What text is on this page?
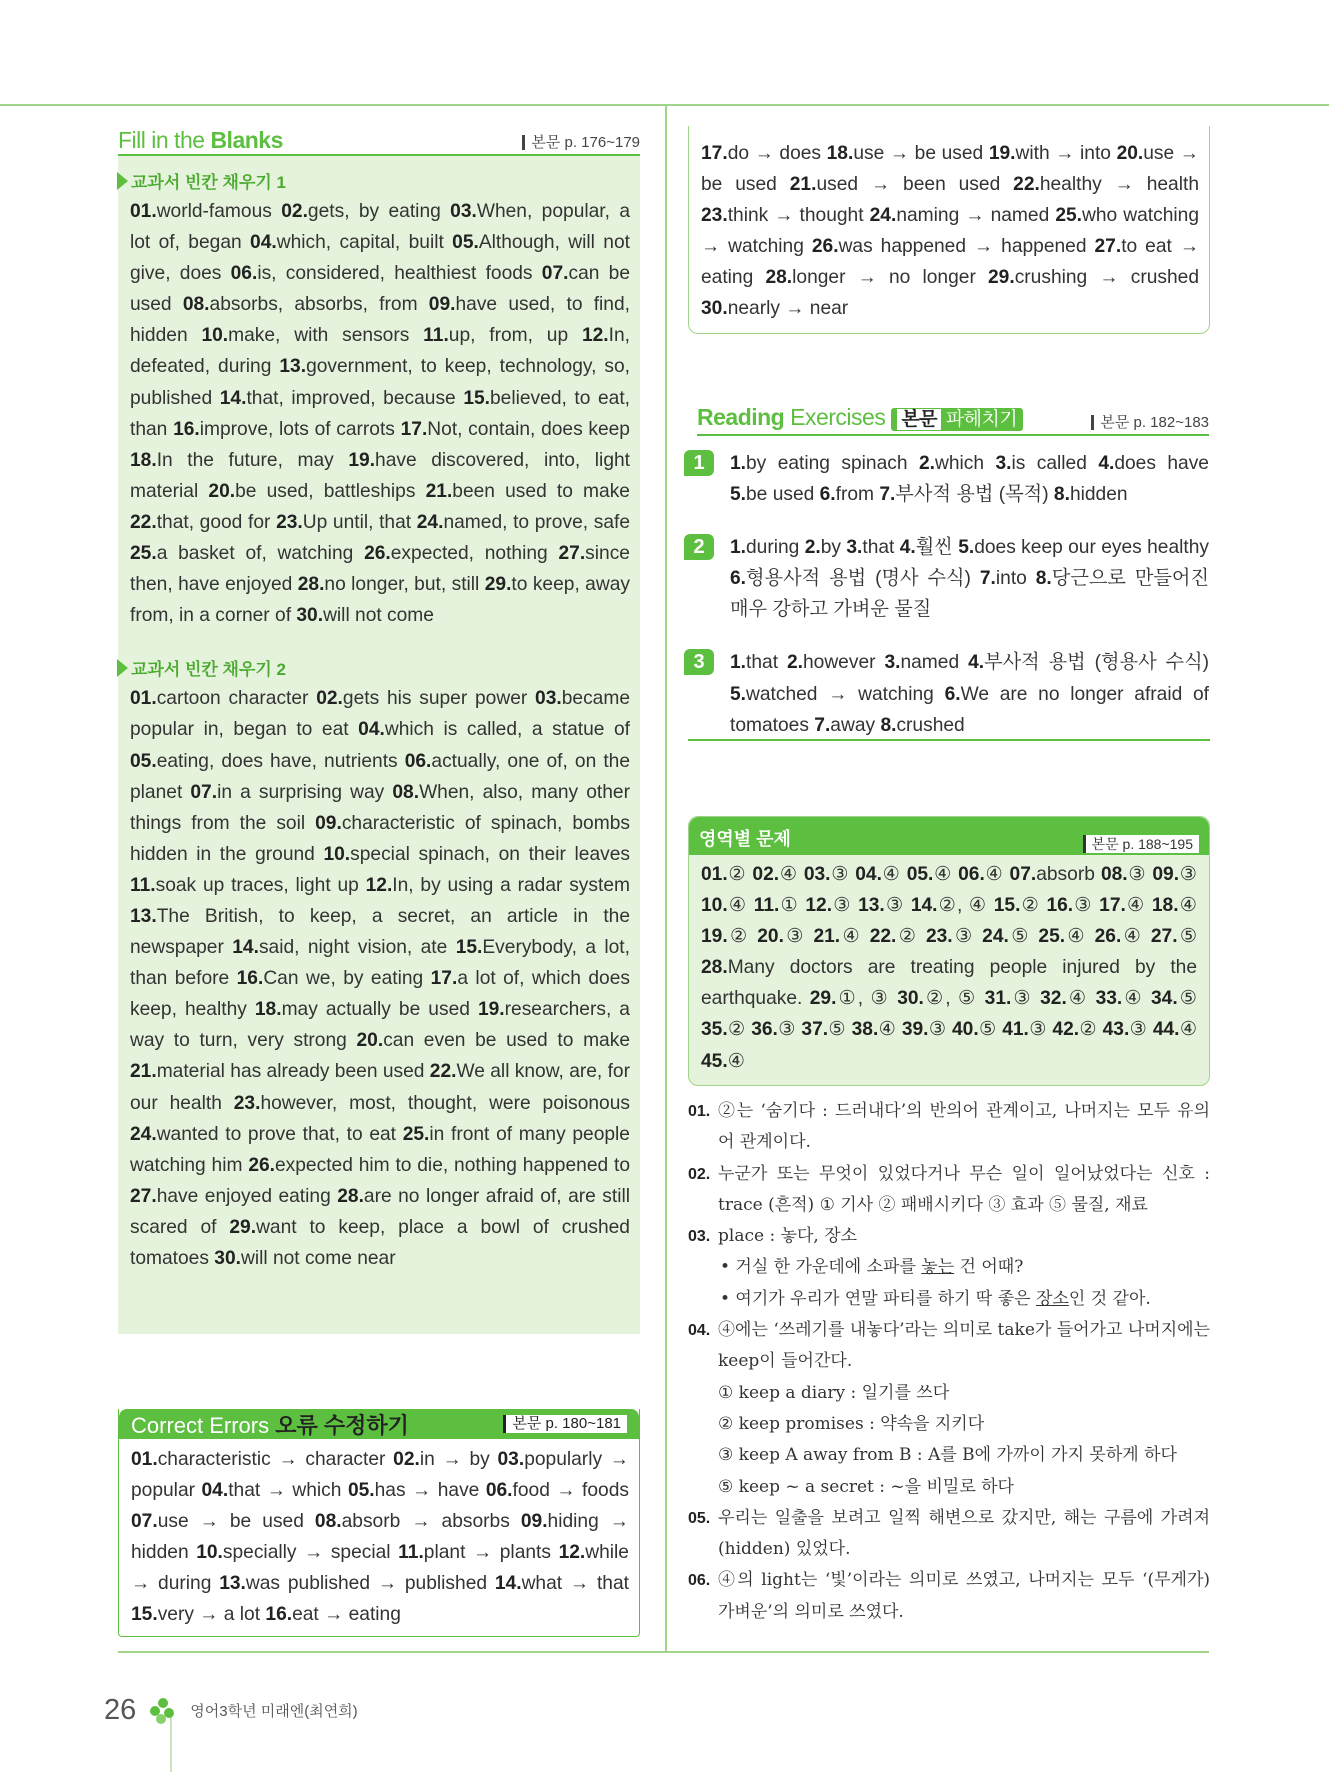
Fill in the Blanks	본문 p. 176~179
교과서 빈칸 채우기 1
01.world-famous 02.gets, by eating 03.When, popular, a lot of, began 04.which, capital, built 05.Although, will not give, does 06.is, considered, healthiest foods 07.can be used 08.absorbs, absorbs, from 09.have used, to find, hidden 10.make, with sensors 11.up, from, up 12.In, defeated, during 13.government, to keep, technology, so, published 14.that, improved, because 15.believed, to eat, than 16.improve, lots of carrots 17.Not, contain, does keep 18.In the future, may 19.have discovered, into, light material 20.be used, battleships 21.been used to make 22.that, good for 23.Up until, that 24.named, to prove, safe 25.a basket of, watching 26.expected, nothing 27.since then, have enjoyed 28.no longer, but, still 29.to keep, away from, in a corner of 30.will not come
교과서 빈칸 채우기 2
01.cartoon character 02.gets his super power 03.became popular in, began to eat 04.which is called, a statue of 05.eating, does have, nutrients 06.actually, one of, on the planet 07.in a surprising way 08.When, also, many other things from the soil 09.characteristic of spinach, bombs hidden in the ground 10.special spinach, on their leaves 11.soak up traces, light up 12.In, by using a radar system 13.The British, to keep, a secret, an article in the newspaper 14.said, night vision, ate 15.Everybody, a lot, than before 16.Can we, by eating 17.a lot of, which does keep, healthy 18.may actually be used 19.researchers, a way to turn, very strong 20.can even be used to make 21.material has already been used 22.We all know, are, for our health 23.however, most, thought, were poisonous 24.wanted to prove that, to eat 25.in front of many people watching him 26.expected him to die, nothing happened to 27.have enjoyed eating 28.are no longer afraid of, are still scared of 29.want to keep, place a bowl of crushed tomatoes 30.will not come near
Correct Errors 오류 수정하기	본문 p. 180~181
01.characteristic → character 02.in → by 03.popularly → popular 04.that → which 05.has → have 06.food → foods 07.use → be used 08.absorb → absorbs 09.hiding → hidden 10.specially → special 11.plant → plants 12.while → during 13.was published → published 14.what → that 15.very → a lot 16.eat → eating
17.do → does 18.use → be used 19.with → into 20.use → be used 21.used → been used 22.healthy → health 23.think → thought 24.naming → named 25.who watching → watching 26.was happened → happened 27.to eat → eating 28.longer → no longer 29.crushing → crushed 30.nearly → near
Reading Exercises 본문 파헤치기	본문 p. 182~183
1	1.by eating spinach 2.which 3.is called 4.does have 5.be used 6.from 7.부사적 용법 (목적) 8.hidden
2	1.during 2.by 3.that 4.훨씬 5.does keep our eyes healthy 6.형용사적 용법 (명사 수식) 7.into 8.당근으로 만들어진 매우 강하고 가벼운 물질
3	1.that 2.however 3.named 4.부사적 용법 (형용사 수식) 5.watched → watching 6.We are no longer afraid of tomatoes 7.away 8.crushed
영역별 문제	본문 p. 188~195
01.② 02.④ 03.③ 04.④ 05.④ 06.④ 07.absorb 08.③ 09.③ 10.④ 11.① 12.③ 13.③ 14.②, ④ 15.② 16.③ 17.④ 18.④ 19.② 20.③ 21.④ 22.② 23.③ 24.⑤ 25.④ 26.④ 27.⑤ 28.Many doctors are treating people injured by the earthquake. 29.①, ③ 30.②, ⑤ 31.③ 32.④ 33.④ 34.⑤ 35.② 36.③ 37.⑤ 38.④ 39.③ 40.⑤ 41.③ 42.② 43.③ 44.④ 45.④
01. ②는 ‘숨기다 : 드러내다’의 반의어 관계이고, 나머지는 모두 유의어 관계이다.
02. 누군가 또는 무엇이 있었다거나 무슨 일이 일어났었다는 신호 : trace (흔적) ① 기사 ② 패배시키다 ③ 효과 ⑤ 물질, 재료
03. place : 놓다, 장소
• 거실 한 가운데에 소파를 놓는 건 어때?
• 여기가 우리가 연말 파티를 하기 딱 좋은 장소인 것 같아.
04. ④에는 ‘쓰레기를 내놓다’라는 의미로 take가 들어가고 나머지에는 keep이 들어간다.
① keep a diary : 일기를 쓰다
② keep promises : 약속을 지키다
③ keep A away from B : A를 B에 가까이 가지 못하게 하다
⑤ keep ~ a secret : ~을 비밀로 하다
05. 우리는 일출을 보려고 일찍 해변으로 갔지만, 해는 구름에 가려져 (hidden) 있었다.
06. ④의 light는 ‘빛’이라는 의미로 쓰였고, 나머지는 모두 ‘(무게가) 가벼운’의 의미로 쓰였다.
26	영어3학년 미래엔(최연희)
